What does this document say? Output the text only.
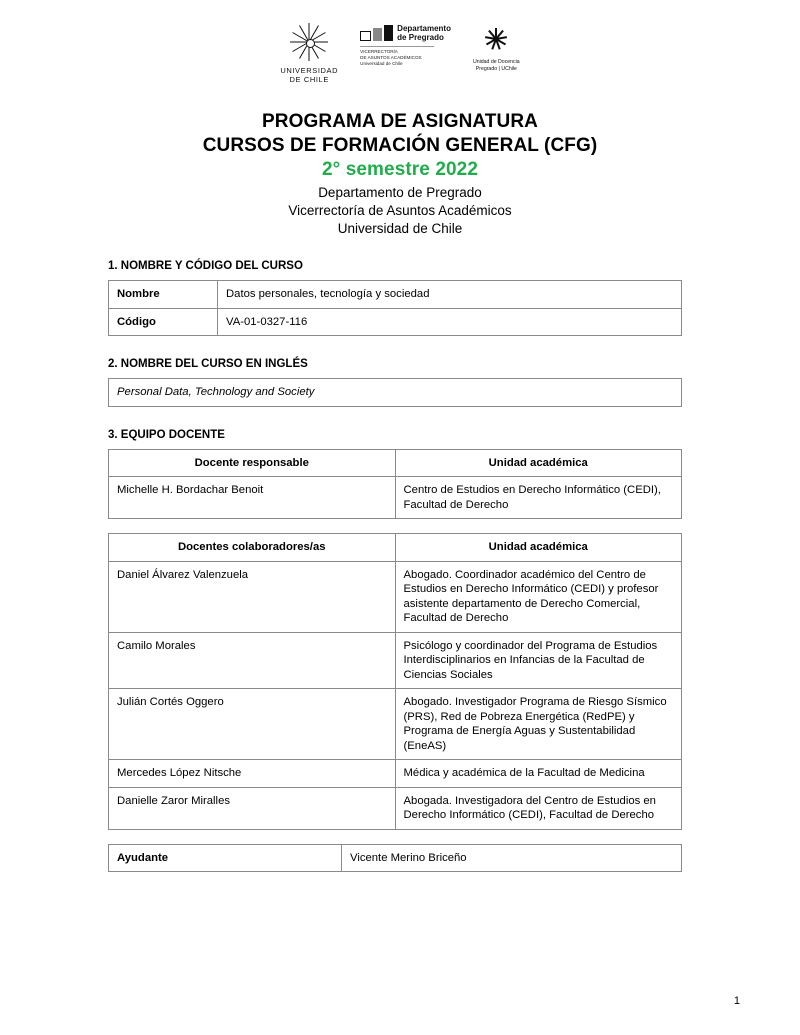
UNIVERSIDAD
DE CHILE
Departamento
de Pregrado
VICERRECTORÍA
DE ASUNTOS ACADÉMICOS
Universidad de Chile	Unidad de Docencia
Pregrado | UChile
PROGRAMA DE ASIGNATURA
CURSOS DE FORMACIÓN GENERAL (CFG)
2° semestre 2022
Departamento de Pregrado
Vicerrectoría de Asuntos Académicos
Universidad de Chile
1. NOMBRE Y CÓDIGO DEL CURSO
Nombre	Datos personales, tecnología y sociedad
Código	VA-01-0327-116
2. NOMBRE DEL CURSO EN INGLÉS
Personal Data, Technology and Society
3. EQUIPO DOCENTE
Docente responsable	Unidad académica
Michelle H. Bordachar Benoit	Centro de Estudios en Derecho Informático (CEDI), Facultad de Derecho
Docentes colaboradores/as	Unidad académica
Daniel Álvarez Valenzuela	Abogado. Coordinador académico del Centro de Estudios en Derecho Informático (CEDI) y profesor asistente departamento de Derecho Comercial, Facultad de Derecho
Camilo Morales	Psicólogo y coordinador del Programa de Estudios Interdisciplinarios en Infancias de la Facultad de Ciencias Sociales
Julián Cortés Oggero	Abogado. Investigador Programa de Riesgo Sísmico (PRS), Red de Pobreza Energética (RedPE) y Programa de Energía Aguas y Sustentabilidad (EneAS)
Mercedes López Nitsche	Médica y académica de la Facultad de Medicina
Danielle Zaror Miralles	Abogada. Investigadora del Centro de Estudios en Derecho Informático (CEDI), Facultad de Derecho
Ayudante	Vicente Merino Briceño
1
